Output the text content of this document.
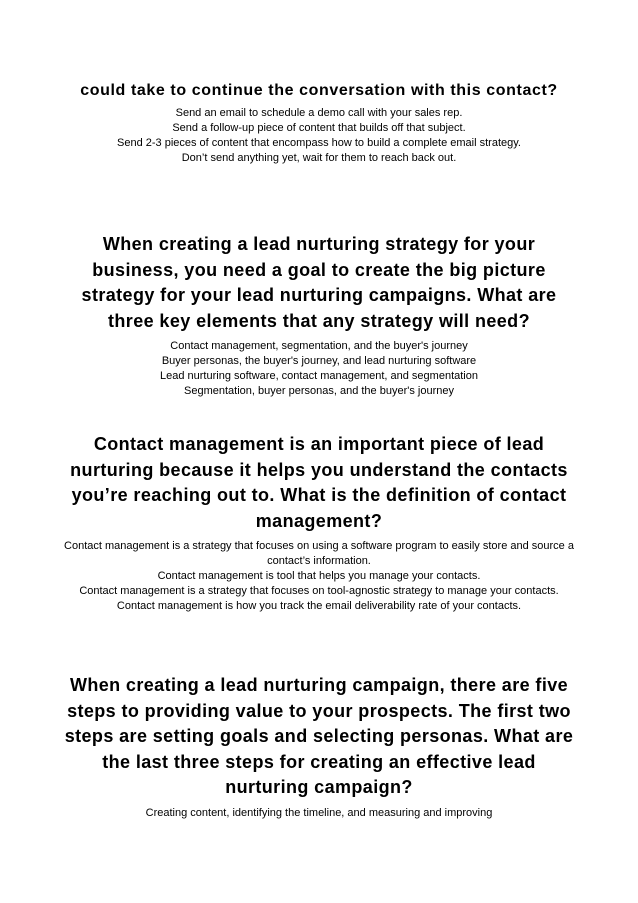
could take to continue the conversation with this contact?
Send an email to schedule a demo call with your sales rep.
Send a follow-up piece of content that builds off that subject.
Send 2-3 pieces of content that encompass how to build a complete email strategy.
Don’t send anything yet, wait for them to reach back out.
When creating a lead nurturing strategy for your business, you need a goal to create the big picture strategy for your lead nurturing campaigns. What are three key elements that any strategy will need?
Contact management, segmentation, and the buyer's journey
Buyer personas, the buyer's journey, and lead nurturing software
Lead nurturing software, contact management, and segmentation
Segmentation, buyer personas, and the buyer's journey
Contact management is an important piece of lead nurturing because it helps you understand the contacts you’re reaching out to. What is the definition of contact management?
Contact management is a strategy that focuses on using a software program to easily store and source a contact’s information.
Contact management is tool that helps you manage your contacts.
Contact management is a strategy that focuses on tool-agnostic strategy to manage your contacts.
Contact management is how you track the email deliverability rate of your contacts.
When creating a lead nurturing campaign, there are five steps to providing value to your prospects. The first two steps are setting goals and selecting personas. What are the last three steps for creating an effective lead nurturing campaign?
Creating content, identifying the timeline, and measuring and improving
